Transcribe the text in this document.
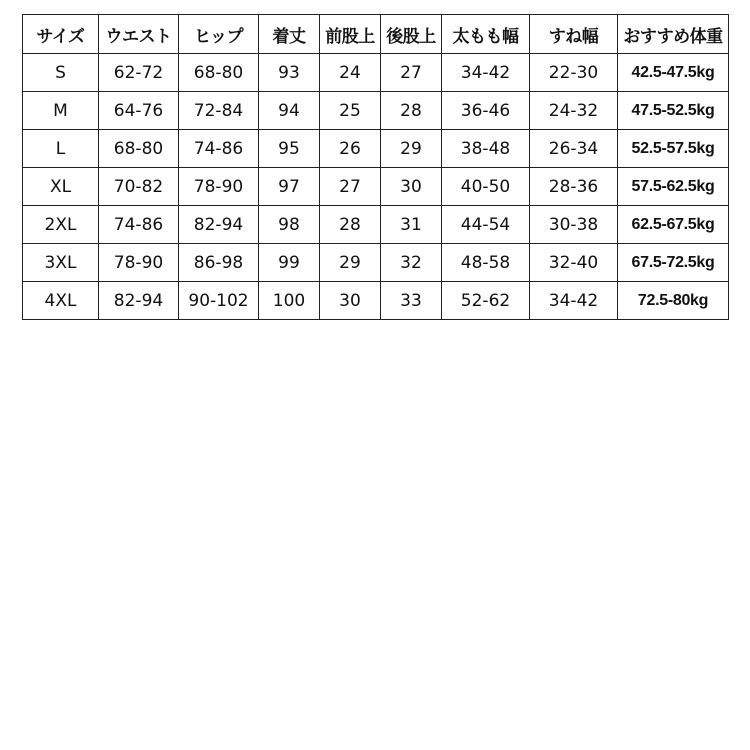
サイズ	ウエスト	ヒップ	着丈	前股上	後股上	太もも幅	すね幅	おすすめ体重
S	62-72	68-80	93	24	27	34-42	22-30	42.5-47.5kg
M	64-76	72-84	94	25	28	36-46	24-32	47.5-52.5kg
L	68-80	74-86	95	26	29	38-48	26-34	52.5-57.5kg
XL	70-82	78-90	97	27	30	40-50	28-36	57.5-62.5kg
2XL	74-86	82-94	98	28	31	44-54	30-38	62.5-67.5kg
3XL	78-90	86-98	99	29	32	48-58	32-40	67.5-72.5kg
4XL	82-94	90-102	100	30	33	52-62	34-42	72.5-80kg
